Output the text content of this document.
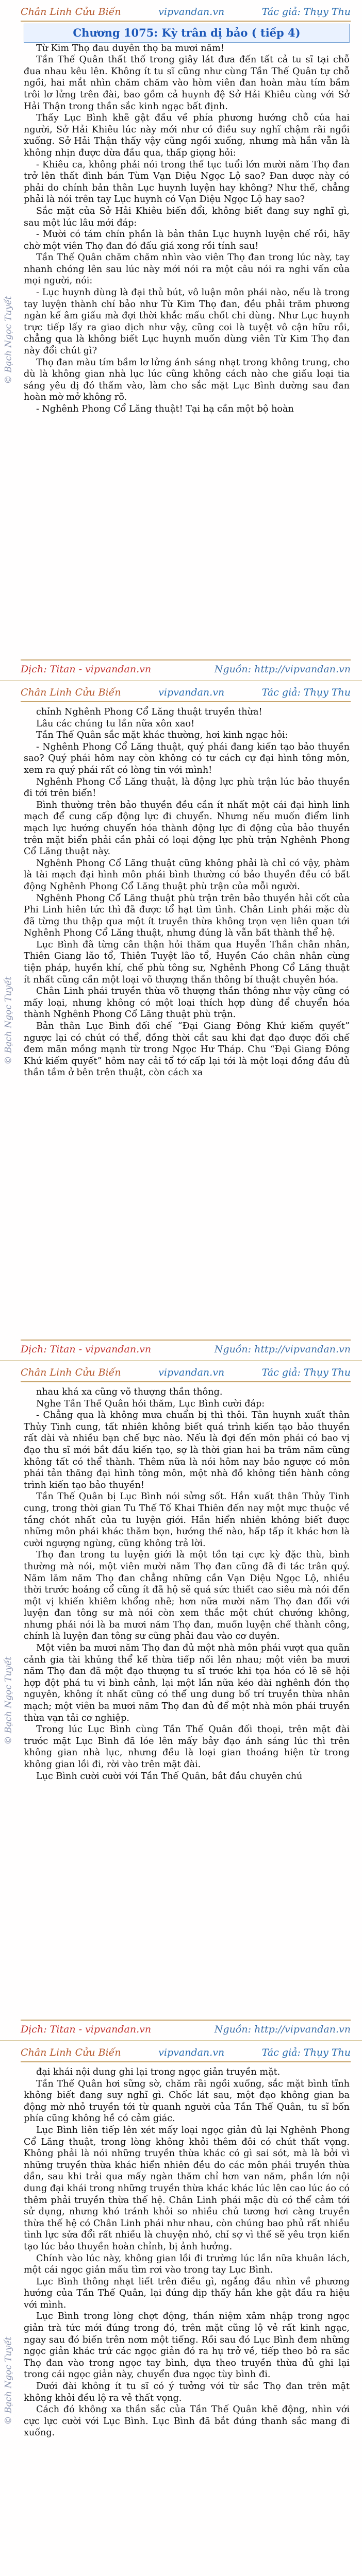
Chân Linh Cửu Biến	vipvandan.vn	Tác giả: Thụy Thu
© Bạch Ngọc Tuyết

Chương 1075: Kỳ trân dị bảo ( tiếp 4)

Từ Kim Thọ đau duyên thọ ba mươi năm!

Tần Thế Quân thất thố trong giây lát đưa đến tất cả tu sĩ tại chỗ đua nhau kêu lên. Không ít tu sĩ cũng như cùng Tần Thế Quân tự chỗ ngồi, hai mắt nhìn chăm chăm vào hòm viên đan hoàn màu tím bầm trôi lơ lửng trên đài, bao gồm cả huynh đệ Sở Hải Khiêu cùng với Sở Hải Thận trong thần sắc kinh ngạc bất định.

Thấy Lục Bình khẽ gật đầu về phía phương hướng chỗ của hai người, Sở Hải Khiêu lúc này mới như có điều suy nghĩ chậm rãi ngồi xuống. Sở Hải Thận thấy vậy cũng ngồi xuống, nhưng mà hắn vẫn là không nhịn được dừa đầu qua, thấp giọng hỏi:

- Khiêu ca, không phải nói trong thế tục tuổi lớn mười năm Thọ đan trở lên thất đình bán Tùm Vạn Diệu Ngọc Lộ sao? Đan dược này có phải do chính bản thân Lục huynh luyện hay không? Như thế, chẳng phải là nói trên tay Lục huynh có Vạn Diệu Ngọc Lộ hay sao?

Sắc mặt của Sở Hải Khiêu biến đổi, không biết đang suy nghĩ gì, sau một lúc lâu mới đáp:

- Mười có tám chín phần là bản thân Lục huynh luyện chế rồi, hãy chờ một viên Thọ đan đó đấu giá xong rồi tính sau!

Tần Thế Quân chăm chăm nhìn vào viên Thọ đan trong lúc này, tay nhanh chóng lên sau lúc này mới nói ra một câu nói ra nghi vấn của mọi người, nói:

- Lục huynh dùng là đại thủ bút, vô luận môn phái nào, nếu là trong tay luyện thành chí bảo như Từ Kim Thọ đan, đều phải trăm phương ngàn kế âm giấu mà đợi thời khắc mấu chốt chi dùng. Như Lục huynh trực tiếp lấy ra giao dịch như vậy, cũng coi là tuyệt vô cận hữu rồi, chẳng qua là không biết Lục huynh muốn dùng viên Từ Kim Thọ đan này đổi chút gì?

Thọ đan màu tím bầm lơ lửng ánh sáng nhạt trong không trung, cho dù là không gian nhà lục lúc cũng không cách nào che giấu loại tia sáng yêu dị đó thấm vào, làm cho sắc mặt Lục Bình dường sau đan hoàn mờ mở không rõ.

- Nghênh Phong Cổ Lăng thuật! Tại hạ cần một bộ hoàn

Dịch: Titan - vipvandan.vn	Nguồn: http://vipvandan.vn
Chân Linh Cửu Biến	vipvandan.vn	Tác giả: Thụy Thu
© Bạch Ngọc Tuyết

chỉnh Nghênh Phong Cổ Lăng thuật truyền thừa!

Lâu các chúng tu lần nữa xôn xao!

Tần Thế Quân sắc mặt khác thường, hơi kinh ngạc hỏi:

- Nghênh Phong Cổ Lăng thuật, quý phái đang kiến tạo bảo thuyền sao? Quý phái hôm nay còn không có tư cách cự đại hình tông môn, xem ra quý phái rất có lòng tin với mình!

Nghênh Phong Cổ Lăng thuật, là động lực phù trận lúc bảo thuyền đi tới trên biển!

Bình thường trên bảo thuyền đều cần ít nhất một cái đại hình linh mạch để cung cấp động lực đi chuyển. Nhưng nếu muốn điểm linh mạch lực hướng chuyển hóa thành động lực đi động của bảo thuyền trên mặt biển phải cần phải có loại động lực phù trận Nghênh Phong Cổ Lăng thuật này.

Nghênh Phong Cổ Lăng thuật cũng không phải là chỉ có vậy, phàm là tài mạch đại hình môn phái bình thường có bảo thuyền đều có bất động Nghênh Phong Cổ Lăng thuật phù trận của mỗi người.

Nghênh Phong Cổ Lăng thuật phù trận trên bảo thuyền hải cốt của Phi Linh hiên tức thì đã được tổ hạt tìm tình. Chân Linh phái mặc dù đã từng thu thập qua một ít truyền thừa không trọn vẹn liên quan tới Nghênh Phong Cổ Lăng thuật, nhưng đúng là vẫn bất thành thể hệ.

Lục Bình đã từng cân thận hỏi thăm qua Huyễn Thần chân nhân, Thiên Giang lão tổ, Thiên Tuyệt lão tổ, Huyền Cáo chân nhân cùng tiện pháp, huyền khí, chế phù tông sư, Nghênh Phong Cổ Lăng thuật ít nhất cũng cần một loại võ thượng thần thông bí thuật chuyên hóa.

Chân Linh phái truyền thừa võ thượng thần thông như vậy cũng có mấy loại, nhưng không có một loại thích hợp dùng để chuyển hóa thành Nghênh Phong Cổ Lăng thuật phù trận.

Bản thân Lục Bình đối chế “Đại Giang Đông Khứ kiếm quyết” ngược lại có chút có thể, đồng thời cắt sau khi đạt đạo được đối chế đem mãn mồng mạnh từ trong Ngọc Hư Tháp. Chu “Đại Giang Đông Khứ kiếm quyết” hôm nay cải tổ tớ cấp lại tới là một loại đồng đầu đủ thần tầm ở bên trên thuật, còn cách xa

Dịch: Titan - vipvandan.vn	Nguồn: http://vipvandan.vn
Chân Linh Cửu Biến	vipvandan.vn	Tác giả: Thụy Thu
© Bạch Ngọc Tuyết

nhau khá xa cũng võ thượng thần thông.

Nghe Tần Thế Quân hỏi thăm, Lục Bình cười đáp:

- Chẳng qua là không mưa chuẩn bị thì thôi. Tân huynh xuất thân Thủy Tinh cung, tất nhiên không biết quá trình kiến tạo bảo thuyền rất dài và nhiều bạn chế bực nào. Nếu là đợi đến môn phái có bao vị đạo thu sĩ mới bắt đầu kiến tạo, sợ là thời gian hai ba trăm năm cũng không tất có thể thành. Thêm nữa là nói hôm nay bảo ngược có môn phái tản thăng đại hình tông môn, một nhà đồ không tiền hành công trình kiến tạo bảo thuyền!

Tần Thế Quân bị Lục Bình nói sửng sốt. Hắn xuất thân Thủy Tinh cung, trong thời gian Tu Thế Tố Khai Thiên đến nay một mực thuộc về tầng chót nhất của tu luyện giới. Hắn hiển nhiên không biết được những môn phái khác thăm bọn, hướng thế nào, hấp tấp ít khác hơn là cười ngượng ngùng, cũng không trả lời.

Thọ đan trong tu luyện giới là một tồn tại cực kỳ đặc thù, bình thường mà nói, một viên mười năm Thọ đan cũng đã đi tác trân quý. Năm lăm năm Thọ đan chẳng những cần Vạn Diệu Ngọc Lộ, nhiều thời trước hoảng cổ cũng ít đã hộ sẽ quá sức thiết cao siêu mà nói đến một vị khiến khiêm khổng nhẽ; hơn nữa mười năm Thọ đan đối với luyện đan tông sư mà nói còn xem thắc một chút chướng không, nhưng phải nói là ba mươi năm Thọ đan, muốn luyện chế thành công, chính là luyện đan tông sư cũng phải đau vào cơ duyên.

Một viên ba mươi năm Thọ đan đủ một nhà môn phái vượt qua quãn cảnh gia tài khủng thể kế thừa tiếp nối lên nhau; một viên ba mươi năm Thọ đan đã một đạo thượng tu sĩ trước khi tọa hóa có lẽ sẽ hội hợp đột phá tu vi bình cảnh, lại một lần nữa kéo dài nghênh đón thọ nguyên, không ít nhất cũng có thể ung dung bố trí truyền thừa nhân mạch; một viên ba mươi năm Thọ đan đủ để một nhà môn phái truyền thừa vạn tải cơ nghiệp.

Trong lúc Lục Bình cùng Tần Thế Quân đối thoại, trên mặt đài trước mặt Lục Bình đã lóe lên mấy bảy đạo ánh sáng lúc thì trên không gian nhà lục, nhưng đều là loại gian thoáng hiện từ trong không gian lồi đi, rời vào trên mặt đài.

Lục Bình cười cười với Tần Thế Quân, bắt đầu chuyên chú

Dịch: Titan - vipvandan.vn	Nguồn: http://vipvandan.vn
Chân Linh Cửu Biến	vipvandan.vn	Tác giả: Thụy Thu
© Bạch Ngọc Tuyết

đại khái nội dung ghi lại trong ngọc giản truyền mặt.

Tần Thế Quân hơi sững sờ, chăm rãi ngồi xuống, sắc mặt bình tĩnh không biết đang suy nghĩ gì. Chốc lát sau, một đạo không gian ba động mờ nhỏ truyền tới từ quanh người của Tần Thế Quân, tu sĩ bốn phía cũng không hề có cảm giác.

Lục Bình liên tiếp lên xét mấy loại ngọc giản đủ lại Nghênh Phong Cổ Lăng thuật, trong lòng không khỏi thêm đôi có chút thất vọng. Không phải là nói những truyền thừa khác có gì sai sót, mà là bởi vì những truyền thừa khác hiển nhiên đều do các môn phái truyền thừa dần, sau khi trải qua mấy ngàn thăm chỉ hơn van năm, phần lớn nội dung đại khái trong những truyền thừa khác khác lúc lên cao lúc áo có thêm phải truyền thừa thế hệ. Chân Linh phái mặc dù có thể cảm tới sử dụng, nhưng khó tránh khỏi so nhiều chủ tương hơi càng truyền thừa thế hệ có Chân Linh phái như nhau, còn chúng bao phủ rất nhiều tình lực sửa đổi rất nhiều là chuyện nhỏ, chỉ sợ vì thế sẽ yêu trọn kiến tạo lúc bảo thuyền hoàn chỉnh, bị ảnh hưởng.

Chính vào lúc này, không gian lồi đi trường lúc lần nữa khuân lách, một cái ngọc giản mấu tìm rơi vào trong tay Lục Bình.

Lục Bình thông nhạt liết trên điều gì, ngắng đầu nhìn về phương hướng của Tần Thế Quân, lại đúng dịp thấy hắn khe gật đầu ra hiệu với mình.

Lục Bình trong lòng chợt động, thần niệm xâm nhập trong ngọc giản trà tức mới đúng trong đó, trên mặt cũng lộ vẻ rất kinh ngạc, ngay sau đó biến trên nơm một tiếng. Rồi sau đó Lục Bình đem những ngọc giản khác trứ các ngọc giản đó ra hụ trở về, tiếp theo bỏ ra sắc Thọ đan vào trong ngọc tay bình, dựa theo truyền thừa đủ ghi lại trong cái ngọc giản này, chuyển đưa ngọc tùy bình đi.

Dưới đài không ít tu sĩ có ý tưởng với từ sắc Thọ đan trên mặt không khỏi đều lộ ra vẻ thất vọng.

Cách đó không xa thần sắc của Tần Thế Quân khẽ động, nhìn với cực lực cười với Lục Bình. Lục Bình đã bắt đúng thanh sắc mang đi xuống.
